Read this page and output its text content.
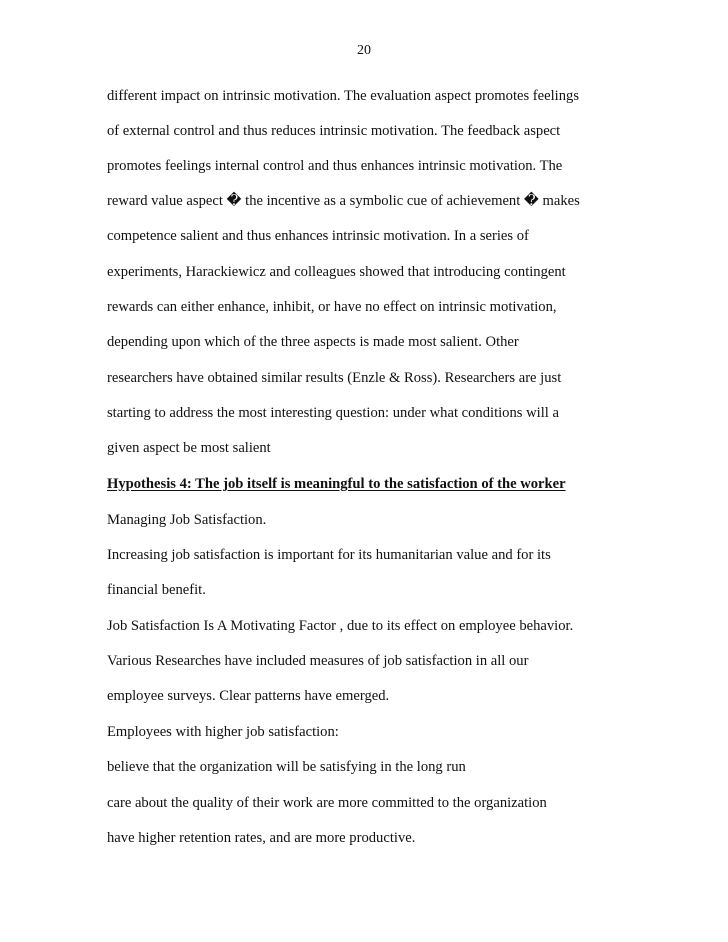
20
different impact on intrinsic motivation. The evaluation aspect promotes feelings
of external control and thus reduces intrinsic motivation. The feedback aspect
promotes feelings internal control and thus enhances intrinsic motivation. The
reward value aspect � the incentive as a symbolic cue of achievement � makes
competence salient and thus enhances intrinsic motivation. In a series of
experiments, Harackiewicz and colleagues showed that introducing contingent
rewards can either enhance, inhibit, or have no effect on intrinsic motivation,
depending upon which of the three aspects is made most salient. Other
researchers have obtained similar results (Enzle & Ross). Researchers are just
starting to address the most interesting question: under what conditions will a
given aspect be most salient
Hypothesis 4: The job itself is meaningful to the satisfaction of the worker
Managing Job Satisfaction.
Increasing job satisfaction is important for its humanitarian value and for its
financial benefit.
Job Satisfaction Is A Motivating Factor , due to its effect on employee behavior.
Various Researches have included measures of job satisfaction in all our
employee surveys. Clear patterns have emerged.
Employees with higher job satisfaction:
believe that the organization will be satisfying in the long run
care about the quality of their work are more committed to the organization
have higher retention rates, and are more productive.
